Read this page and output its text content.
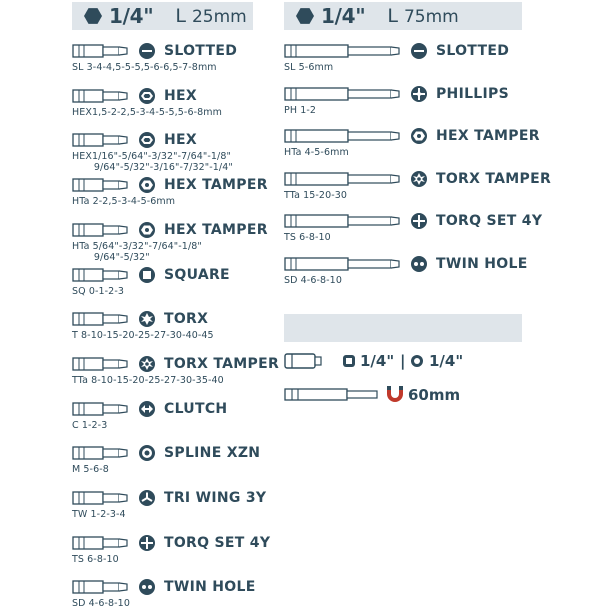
1/4" L 25mm	1/4" L 75mm
SLOTTED
SL 3-4-4,5-5-5,5-6-6,5-7-8mm
HEX
HEX1,5-2-2,5-3-4-5-5,5-6-8mm
HEX
HEX1/16"-5/64"-3/32"-7/64"-1/8"
9/64"-5/32"-3/16"-7/32"-1/4"
HEX TAMPER
HTa 2-2,5-3-4-5-6mm
HEX TAMPER
HTa 5/64"-3/32"-7/64"-1/8"
9/64"-5/32"
SQUARE
SQ 0-1-2-3
TORX
T 8-10-15-20-25-27-30-40-45
TORX TAMPER
TTa 8-10-15-20-25-27-30-35-40
CLUTCH
C 1-2-3
SPLINE XZN
M 5-6-8
TRI WING 3Y
TW 1-2-3-4
TORQ SET 4Y
TS 6-8-10
TWIN HOLE
SD 4-6-8-10
SLOTTED
SL 5-6mm
PHILLIPS
PH 1-2
HEX TAMPER
HTa 4-5-6mm
TORX TAMPER
TTa 15-20-30
TORQ SET 4Y
TS 6-8-10
TWIN HOLE
SD 4-6-8-10
1/4" | 1/4"
60mm
